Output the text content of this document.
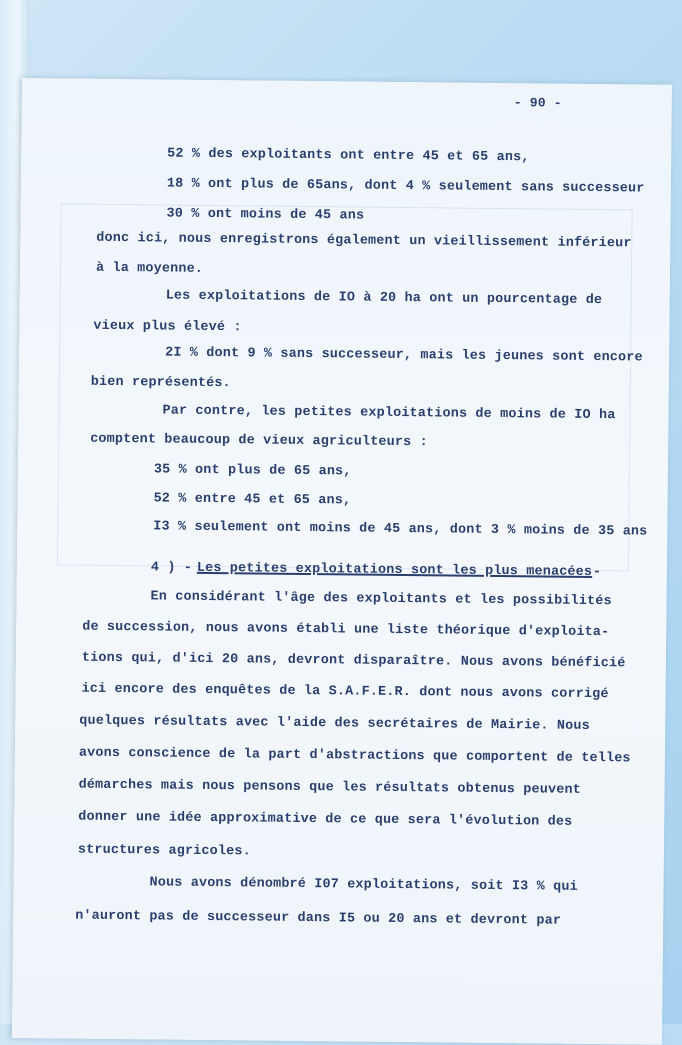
- 90 -
52 % des exploitants ont entre 45 et 65 ans,
18 % ont plus de 65ans, dont 4 % seulement sans successeur
30 % ont moins de 45 ans
donc ici, nous enregistrons également un vieillissement inférieur
à la moyenne.
Les exploitations de IO à 20 ha ont un pourcentage de
vieux plus élevé :
2I % dont 9 % sans successeur, mais les jeunes sont encore
bien représentés.
Par contre, les petites exploitations de moins de IO ha
comptent beaucoup de vieux agriculteurs :
35 % ont plus de 65 ans,
52 % entre 45 et 65 ans,
I3 % seulement ont moins de 45 ans, dont 3 % moins de 35 ans
4 ) - Les petites exploitations sont les plus menacées -
En considérant l'âge des exploitants et les possibilités
de succession, nous avons établi une liste théorique d'exploita-
tions qui, d'ici 20 ans, devront disparaître. Nous avons bénéficié
ici encore des enquêtes de la S.A.F.E.R. dont nous avons corrigé
quelques résultats avec l'aide des secrétaires de Mairie. Nous
avons conscience de la part d'abstractions que comportent de telles
démarches mais nous pensons que les résultats obtenus peuvent
donner une idée approximative de ce que sera l'évolution des
structures agricoles.
Nous avons dénombré I07 exploitations, soit I3 % qui
n'auront pas de successeur dans I5 ou 20 ans et devront par
